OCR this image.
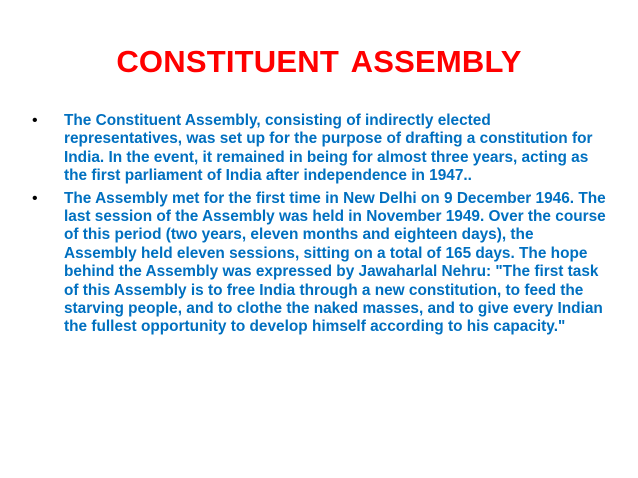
CONSTITUENT ASSEMBLY
•	The Constituent Assembly, consisting of indirectly elected representatives, was set up for the purpose of drafting a constitution for India. In the event, it remained in being for almost three years, acting as the first parliament of India after independence in 1947..
•	The Assembly met for the first time in New Delhi on 9 December 1946. The last session of the Assembly was held in November 1949. Over the course of this period (two years, eleven months and eighteen days), the Assembly held eleven sessions, sitting on a total of 165 days. The hope behind the Assembly was expressed by Jawaharlal Nehru: "The first task of this Assembly is to free India through a new constitution, to feed the starving people, and to clothe the naked masses, and to give every Indian the fullest opportunity to develop himself according to his capacity."
